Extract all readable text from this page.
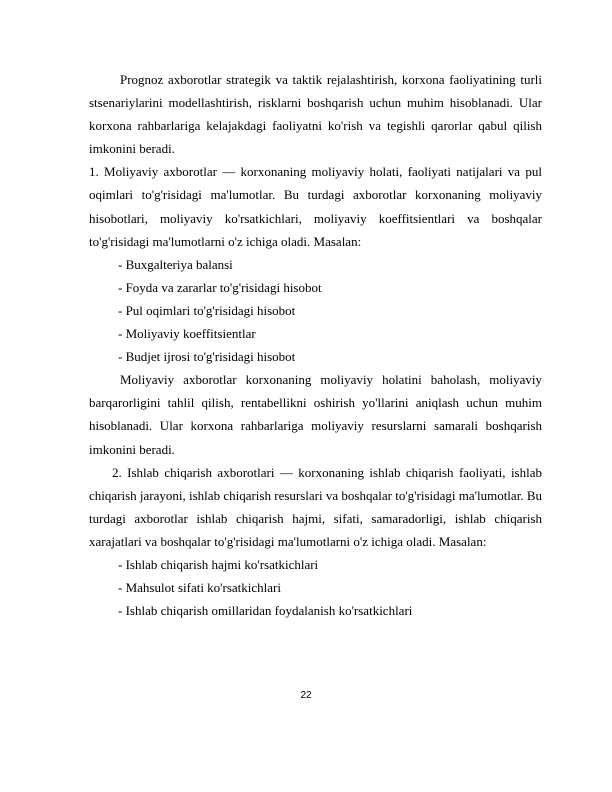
Prognoz axborotlar strategik va taktik rejalashtirish, korxona faoliyatining turli stsenariylarini modellashtirish, risklarni boshqarish uchun muhim hisoblanadi. Ular korxona rahbarlariga kelajakdagi faoliyatni ko'rish va tegishli qarorlar qabul qilish imkonini beradi.

1. Moliyaviy axborotlar — korxonaning moliyaviy holati, faoliyati natijalari va pul oqimlari to'g'risidagi ma'lumotlar. Bu turdagi axborotlar korxonaning moliyaviy hisobotlari, moliyaviy ko'rsatkichlari, moliyaviy koeffitsientlari va boshqalar to'g'risidagi ma'lumotlarni o'z ichiga oladi. Masalan:

- Buxgalteriya balansi

- Foyda va zararlar to'g'risidagi hisobot

- Pul oqimlari to'g'risidagi hisobot

- Moliyaviy koeffitsientlar

- Budjet ijrosi to'g'risidagi hisobot

Moliyaviy axborotlar korxonaning moliyaviy holatini baholash, moliyaviy barqarorligini tahlil qilish, rentabellikni oshirish yo'llarini aniqlash uchun muhim hisoblanadi. Ular korxona rahbarlariga moliyaviy resurslarni samarali boshqarish imkonini beradi.

2. Ishlab chiqarish axborotlari — korxonaning ishlab chiqarish faoliyati, ishlab chiqarish jarayoni, ishlab chiqarish resurslari va boshqalar to'g'risidagi ma'lumotlar. Bu turdagi axborotlar ishlab chiqarish hajmi, sifati, samaradorligi, ishlab chiqarish xarajatlari va boshqalar to'g'risidagi ma'lumotlarni o'z ichiga oladi. Masalan:

- Ishlab chiqarish hajmi ko'rsatkichlari

- Mahsulot sifati ko'rsatkichlari

- Ishlab chiqarish omillaridan foydalanish ko'rsatkichlari

22
